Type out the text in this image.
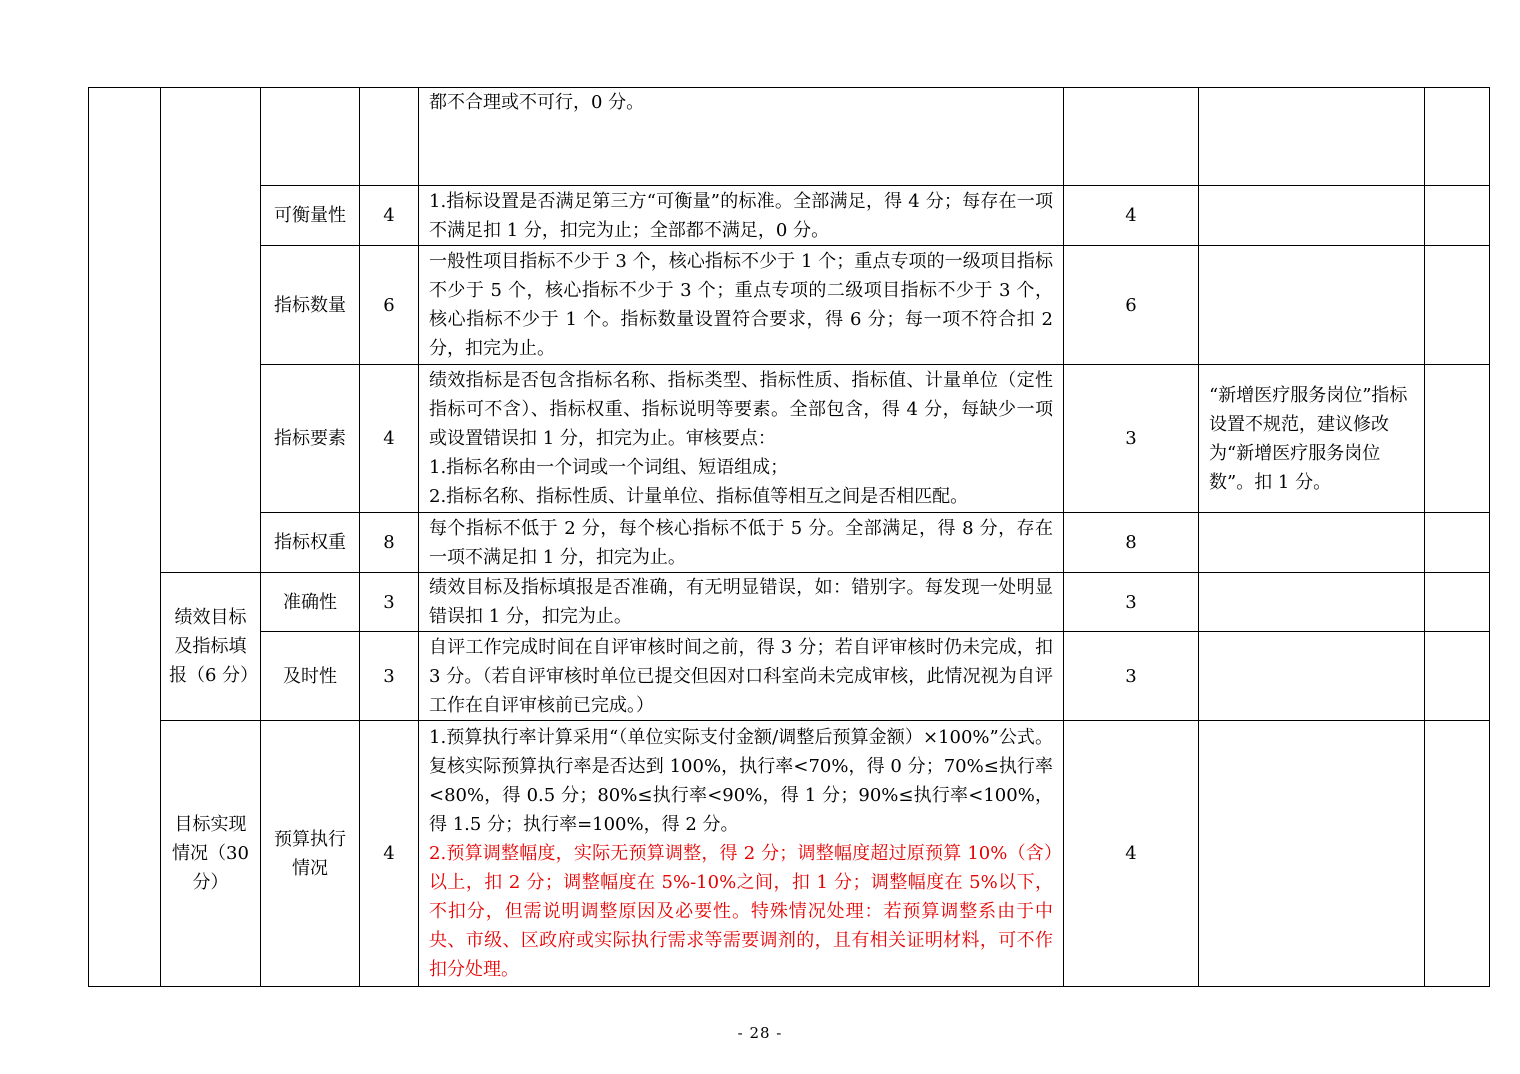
				都不合理或不可行，0 分。			

		可衡量性	4	1.指标设置是否满足第三方“可衡量”的标准。全部满足，得 4 分；每存在一项不满足扣 1 分，扣完为止；全部都不满足，0 分。	4		
		指标数量	6	一般性项目指标不少于 3 个，核心指标不少于 1 个；重点专项的一级项目指标不少于 5 个，核心指标不少于 3 个；重点专项的二级项目指标不少于 3 个，核心指标不少于 1 个。指标数量设置符合要求，得 6 分；每一项不符合扣 2 分，扣完为止。	6		
		指标要素	4	绩效指标是否包含指标名称、指标类型、指标性质、指标值、计量单位（定性指标可不含）、指标权重、指标说明等要素。全部包含，得 4 分，每缺少一项或设置错误扣 1 分，扣完为止。审核要点：

1.指标名称由一个词或一个词组、短语组成；

2.指标名称、指标性质、计量单位、指标值等相互之间是否相匹配。	3	“新增医疗服务岗位”指标设置不规范，建议修改为“新增医疗服务岗位数”。扣 1 分。	
		指标权重	8	每个指标不低于 2 分，每个核心指标不低于 5 分。全部满足，得 8 分，存在一项不满足扣 1 分，扣完为止。	8		
	绩效目标及指标填报（6 分）	准确性	3	绩效目标及指标填报是否准确，有无明显错误，如：错别字。每发现一处明显错误扣 1 分，扣完为止。	3		
		及时性	3	自评工作完成时间在自评审核时间之前，得 3 分；若自评审核时仍未完成，扣 3 分。（若自评审核时单位已提交但因对口科室尚未完成审核，此情况视为自评工作在自评审核前已完成。）	3		
	目标实现情况（30 分）	预算执行情况	4	1.预算执行率计算采用“（单位实际支付金额/调整后预算金额）×100%”公式。复核实际预算执行率是否达到 100%，执行率<70%，得 0 分；70%≤执行率<80%，得 0.5 分；80%≤执行率<90%，得 1 分；90%≤执行率<100%，得 1.5 分；执行率=100%，得 2 分。

2.预算调整幅度，实际无预算调整，得 2 分；调整幅度超过原预算 10%（含）以上，扣 2 分；调整幅度在 5%-10%之间，扣 1 分；调整幅度在 5%以下，不扣分，但需说明调整原因及必要性。特殊情况处理：若预算调整系由于中央、市级、区政府或实际执行需求等需要调剂的，且有相关证明材料，可不作扣分处理。	4		
- 28 -
